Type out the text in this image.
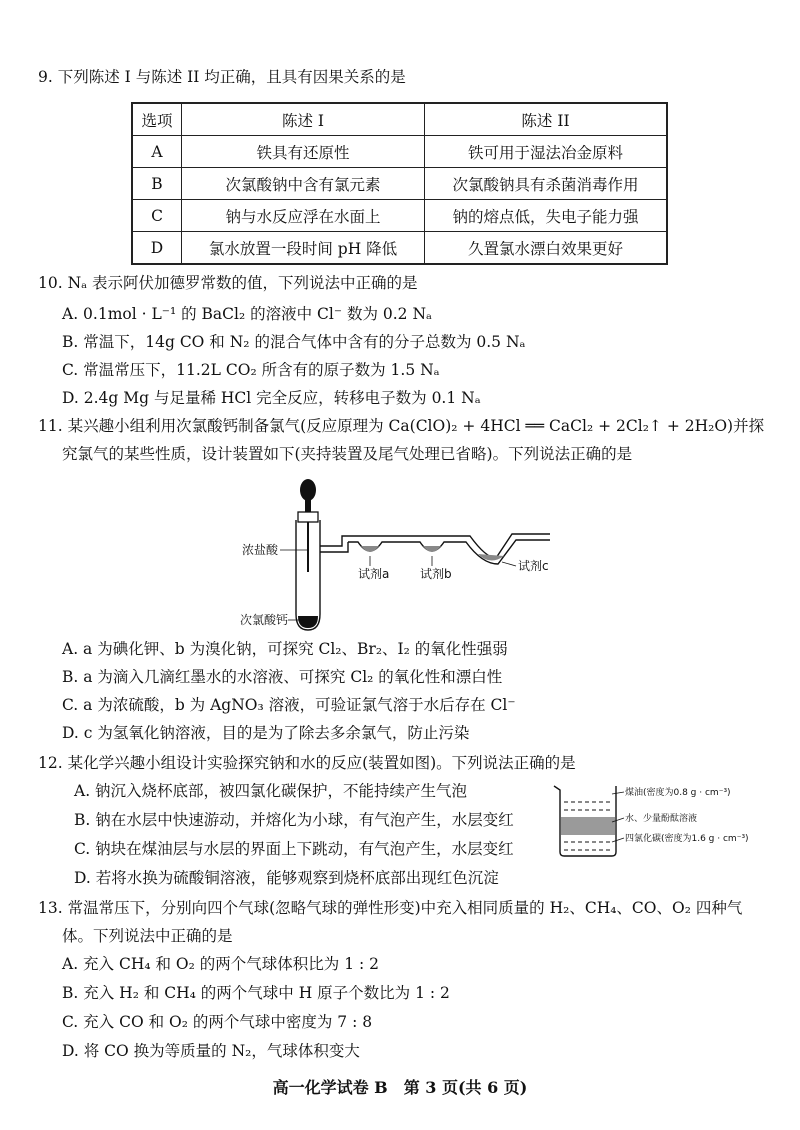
9. 下列陈述 I 与陈述 II 均正确，且具有因果关系的是
选项	陈述 I	陈述 II
A	铁具有还原性	铁可用于湿法冶金原料
B	次氯酸钠中含有氯元素	次氯酸钠具有杀菌消毒作用
C	钠与水反应浮在水面上	钠的熔点低，失电子能力强
D	氯水放置一段时间 pH 降低	久置氯水漂白效果更好
10. Nₐ 表示阿伏加德罗常数的值，下列说法中正确的是
A. 0.1mol · L⁻¹ 的 BaCl₂ 的溶液中 Cl⁻ 数为 0.2 Nₐ
B. 常温下，14g CO 和 N₂ 的混合气体中含有的分子总数为 0.5 Nₐ
C. 常温常压下，11.2L CO₂ 所含有的原子数为 1.5 Nₐ
D. 2.4g Mg 与足量稀 HCl 完全反应，转移电子数为 0.1 Nₐ
11. 某兴趣小组利用次氯酸钙制备氯气(反应原理为 Ca(ClO)₂ + 4HCl ══ CaCl₂ + 2Cl₂↑ + 2H₂O)并探
究氯气的某些性质，设计装置如下(夹持装置及尾气处理已省略)。下列说法正确的是
浓盐酸
次氯酸钙
试剂a	试剂b
试剂c
A. a 为碘化钾、b 为溴化钠，可探究 Cl₂、Br₂、I₂ 的氧化性强弱
B. a 为滴入几滴红墨水的水溶液、可探究 Cl₂ 的氧化性和漂白性
C. a 为浓硫酸，b 为 AgNO₃ 溶液，可验证氯气溶于水后存在 Cl⁻
D. c 为氢氧化钠溶液，目的是为了除去多余氯气，防止污染
12. 某化学兴趣小组设计实验探究钠和水的反应(装置如图)。下列说法正确的是
A. 钠沉入烧杯底部，被四氯化碳保护，不能持续产生气泡
B. 钠在水层中快速游动，并熔化为小球，有气泡产生，水层变红
C. 钠块在煤油层与水层的界面上下跳动，有气泡产生，水层变红
D. 若将水换为硫酸铜溶液，能够观察到烧杯底部出现红色沉淀
煤油(密度为0.8 g · cm⁻³)
水、少量酚酞溶液
四氯化碳(密度为1.6 g · cm⁻³)
13. 常温常压下，分别向四个气球(忽略气球的弹性形变)中充入相同质量的 H₂、CH₄、CO、O₂ 四种气
体。下列说法中正确的是
A. 充入 CH₄ 和 O₂ 的两个气球体积比为 1 : 2
B. 充入 H₂ 和 CH₄ 的两个气球中 H 原子个数比为 1 : 2
C. 充入 CO 和 O₂ 的两个气球中密度为 7 : 8
D. 将 CO 换为等质量的 N₂，气球体积变大
高一化学试卷 B　第 3 页(共 6 页)
